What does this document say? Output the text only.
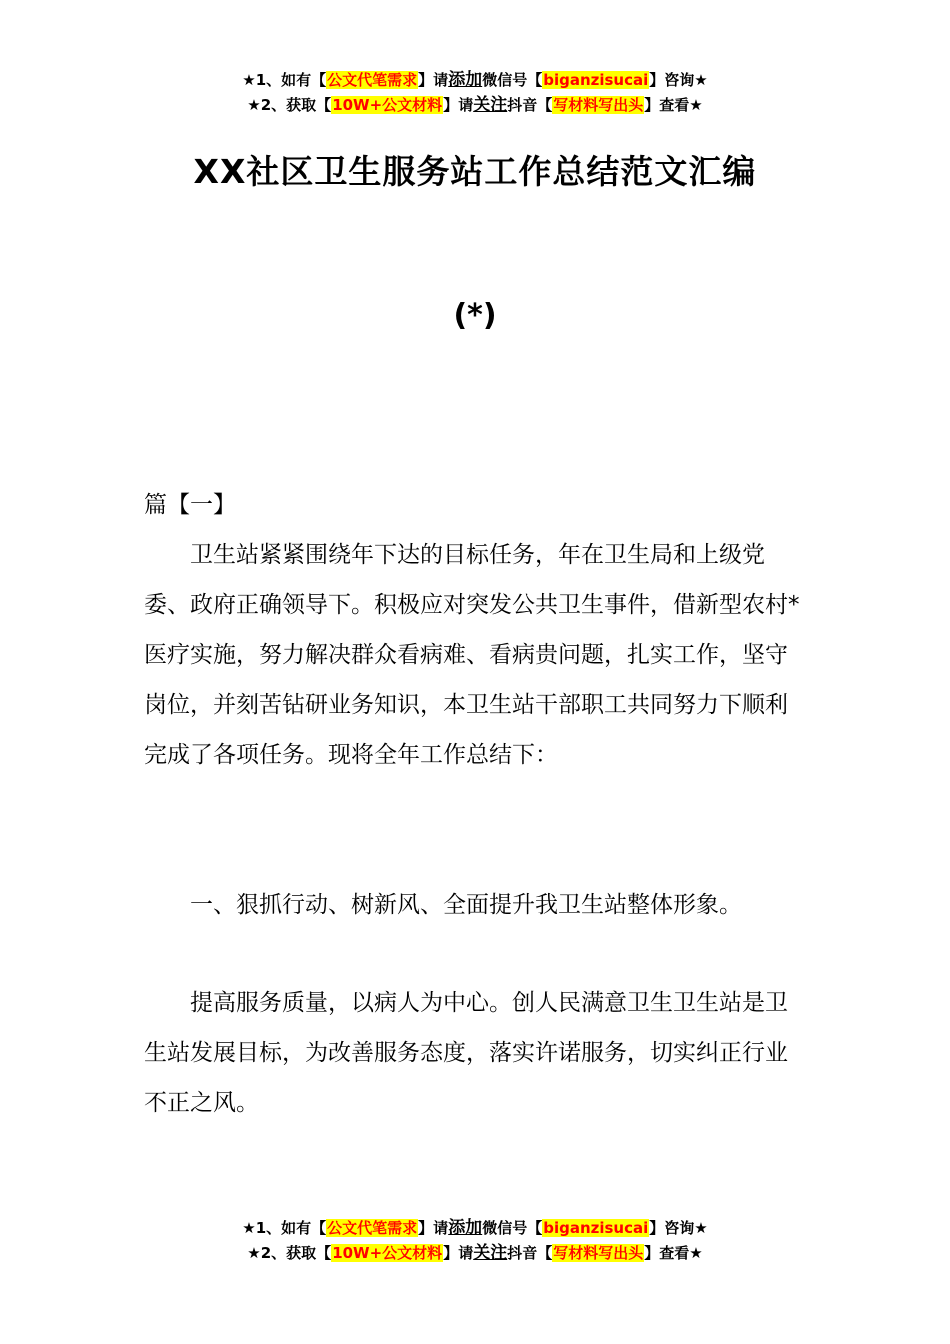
★1、如有【公文代笔需求】请添加微信号【biganzisucai】咨询★
★2、获取【10W+公文材料】请关注抖音【写材料写出头】查看★
XX社区卫生服务站工作总结范文汇编
(*)

篇【一】

卫生站紧紧围绕年下达的目标任务，年在卫生局和上级党委、政府正确领导下。积极应对突发公共卫生事件，借新型农村*医疗实施，努力解决群众看病难、看病贵问题，扎实工作，坚守岗位，并刻苦钻研业务知识，本卫生站干部职工共同努力下顺利完成了各项任务。现将全年工作总结下：

一、狠抓行动、树新风、全面提升我卫生站整体形象。

提高服务质量，以病人为中心。创人民满意卫生卫生站是卫生站发展目标，为改善服务态度，落实许诺服务，切实纠正行业不正之风。

★1、如有【公文代笔需求】请添加微信号【biganzisucai】咨询★
★2、获取【10W+公文材料】请关注抖音【写材料写出头】查看★
